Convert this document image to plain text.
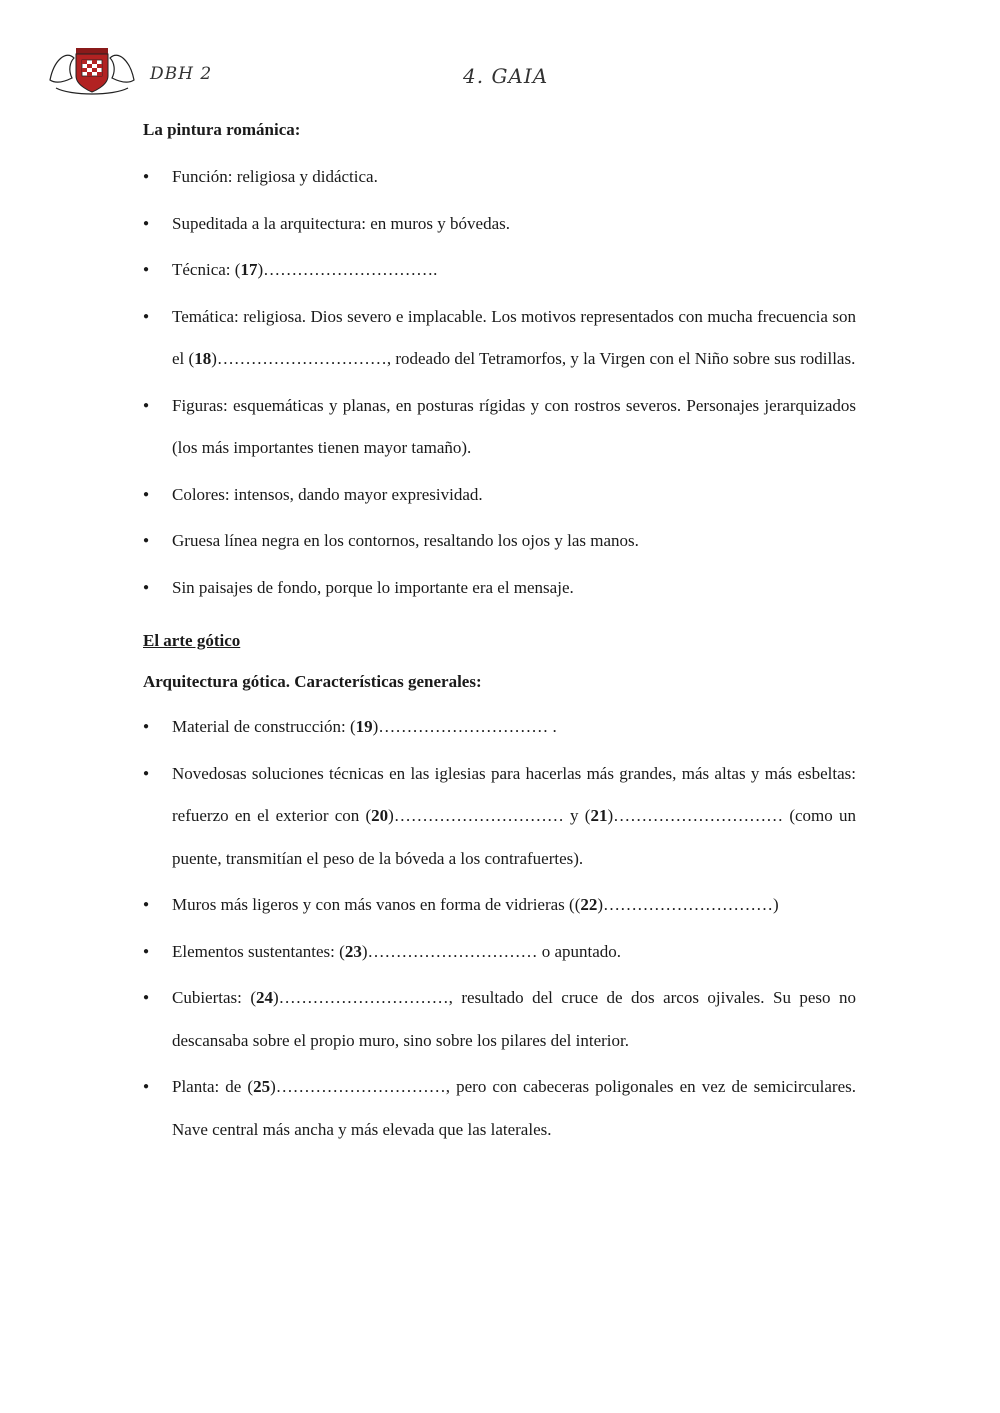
DBH 2	4. GAIA

La pintura románica:

● Función: religiosa y didáctica.
● Supeditada a la arquitectura: en muros y bóvedas.
● Técnica: (17)………………………….
● Temática: religiosa. Dios severo e implacable. Los motivos representados con mucha frecuencia son el (18)…………………………, rodeado del Tetramorfos, y la Virgen con el Niño sobre sus rodillas.
● Figuras: esquemáticas y planas, en posturas rígidas y con rostros severos. Personajes jerarquizados (los más importantes tienen mayor tamaño).
● Colores: intensos, dando mayor expresividad.
● Gruesa línea negra en los contornos, resaltando los ojos y las manos.
● Sin paisajes de fondo, porque lo importante era el mensaje.

El arte gótico

Arquitectura gótica. Características generales:

● Material de construcción: (19)………………………… .
● Novedosas soluciones técnicas en las iglesias para hacerlas más grandes, más altas y más esbeltas: refuerzo en el exterior con (20)………………………… y (21)………………………… (como un puente, transmitían el peso de la bóveda a los contrafuertes).
● Muros más ligeros y con más vanos en forma de vidrieras ((22)…………………………)
● Elementos sustentantes: (23)………………………… o apuntado.
● Cubiertas: (24)…………………………, resultado del cruce de dos arcos ojivales. Su peso no descansaba sobre el propio muro, sino sobre los pilares del interior.
● Planta: de (25)…………………………, pero con cabeceras poligonales en vez de semicirculares. Nave central más ancha y más elevada que las laterales.
